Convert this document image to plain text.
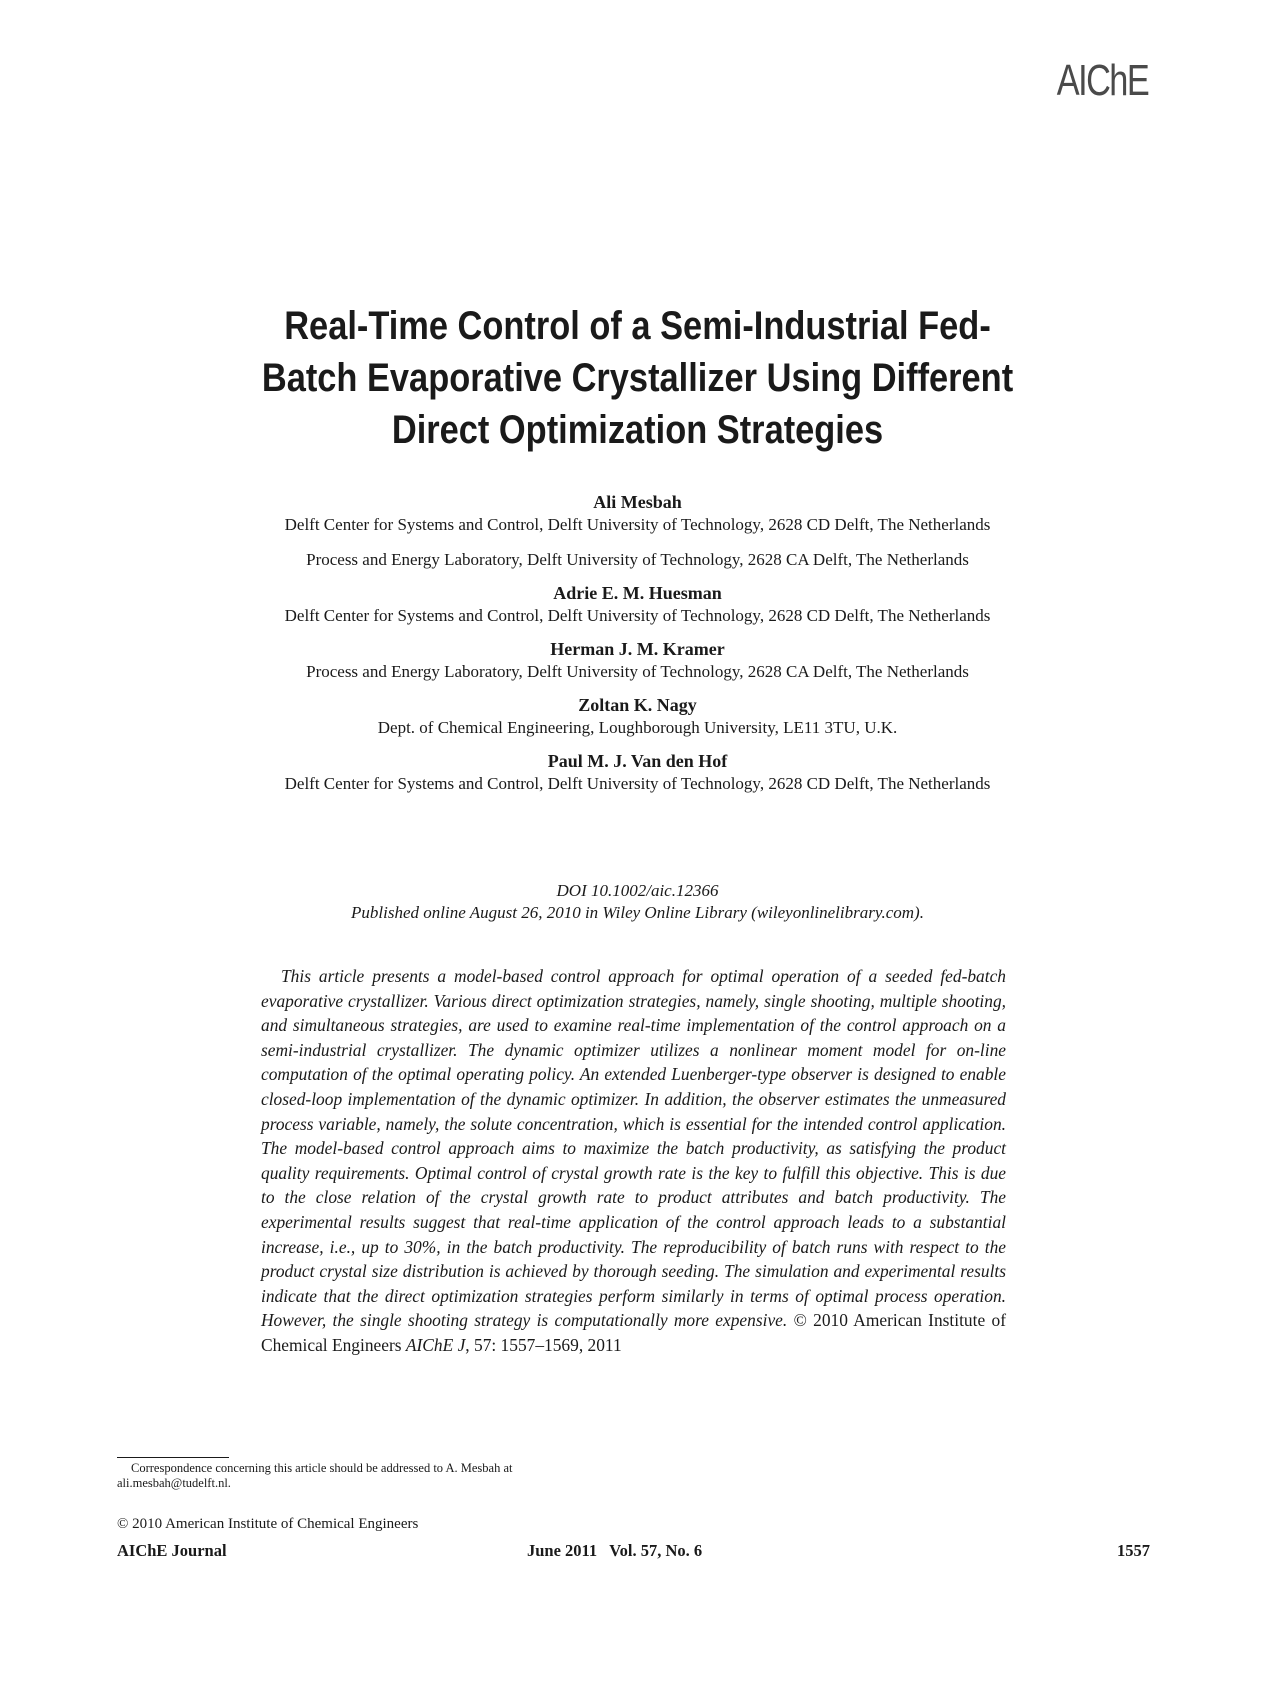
AIChE
Real-Time Control of a Semi-Industrial Fed-
Batch Evaporative Crystallizer Using Different
Direct Optimization Strategies
Ali Mesbah
Delft Center for Systems and Control, Delft University of Technology, 2628 CD Delft, The Netherlands
Process and Energy Laboratory, Delft University of Technology, 2628 CA Delft, The Netherlands
Adrie E. M. Huesman
Delft Center for Systems and Control, Delft University of Technology, 2628 CD Delft, The Netherlands
Herman J. M. Kramer
Process and Energy Laboratory, Delft University of Technology, 2628 CA Delft, The Netherlands
Zoltan K. Nagy
Dept. of Chemical Engineering, Loughborough University, LE11 3TU, U.K.
Paul M. J. Van den Hof
Delft Center for Systems and Control, Delft University of Technology, 2628 CD Delft, The Netherlands
DOI 10.1002/aic.12366
Published online August 26, 2010 in Wiley Online Library (wileyonlinelibrary.com).
This article presents a model-based control approach for optimal operation of a seeded fed-batch evaporative crystallizer. Various direct optimization strategies, namely, single shooting, multiple shooting, and simultaneous strategies, are used to examine real-time implementation of the control approach on a semi-industrial crystallizer. The dynamic optimizer utilizes a nonlinear moment model for on-line computation of the optimal operating policy. An extended Luenberger-type observer is designed to enable closed-loop implementation of the dynamic optimizer. In addition, the observer estimates the unmeasured process variable, namely, the solute concentration, which is essential for the intended control application. The model-based control approach aims to maximize the batch productivity, as satisfying the product quality requirements. Optimal control of crystal growth rate is the key to fulfill this objective. This is due to the close relation of the crystal growth rate to product attributes and batch productivity. The experimental results suggest that real-time application of the control approach leads to a substantial increase, i.e., up to 30%, in the batch productivity. The reproducibility of batch runs with respect to the product crystal size distribution is achieved by thorough seeding. The simulation and experimental results indicate that the direct optimization strategies perform similarly in terms of optimal process operation. However, the single shooting strategy is computationally more expensive. © 2010 American Institute of Chemical Engineers AIChE J, 57: 1557–1569, 2011
Correspondence concerning this article should be addressed to A. Mesbah at
ali.mesbah@tudelft.nl.
© 2010 American Institute of Chemical Engineers
AIChE Journal	June 2011   Vol. 57, No. 6	1557
